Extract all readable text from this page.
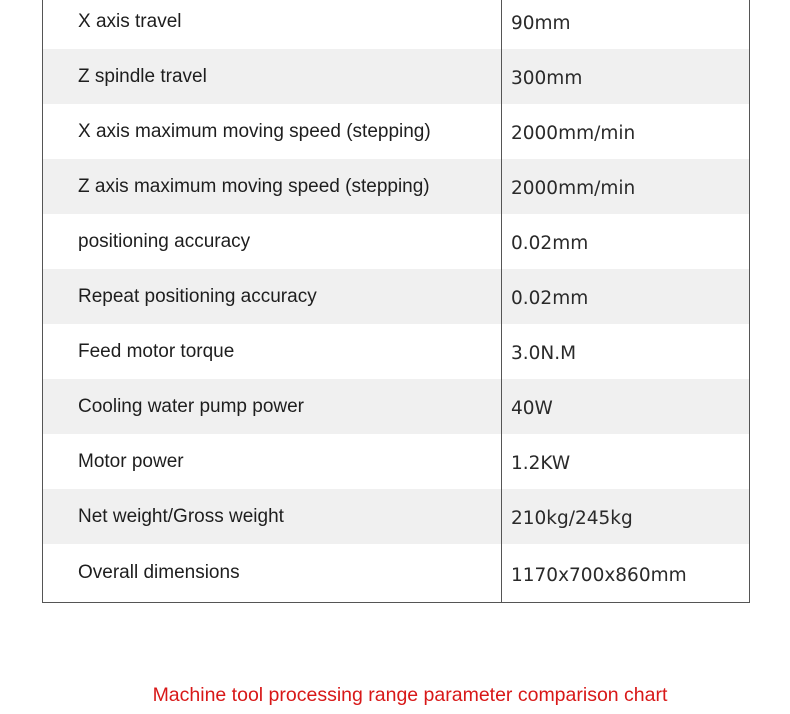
X axis travel	90mm
Z spindle travel	300mm
X axis maximum moving speed (stepping)	2000mm/min
Z axis maximum moving speed (stepping)	2000mm/min
positioning accuracy	0.02mm
Repeat positioning accuracy	0.02mm
Feed motor torque	3.0N.M
Cooling water pump power	40W
Motor power	1.2KW
Net weight/Gross weight	210kg/245kg
Overall dimensions	1170x700x860mm
Machine tool processing range parameter comparison chart
